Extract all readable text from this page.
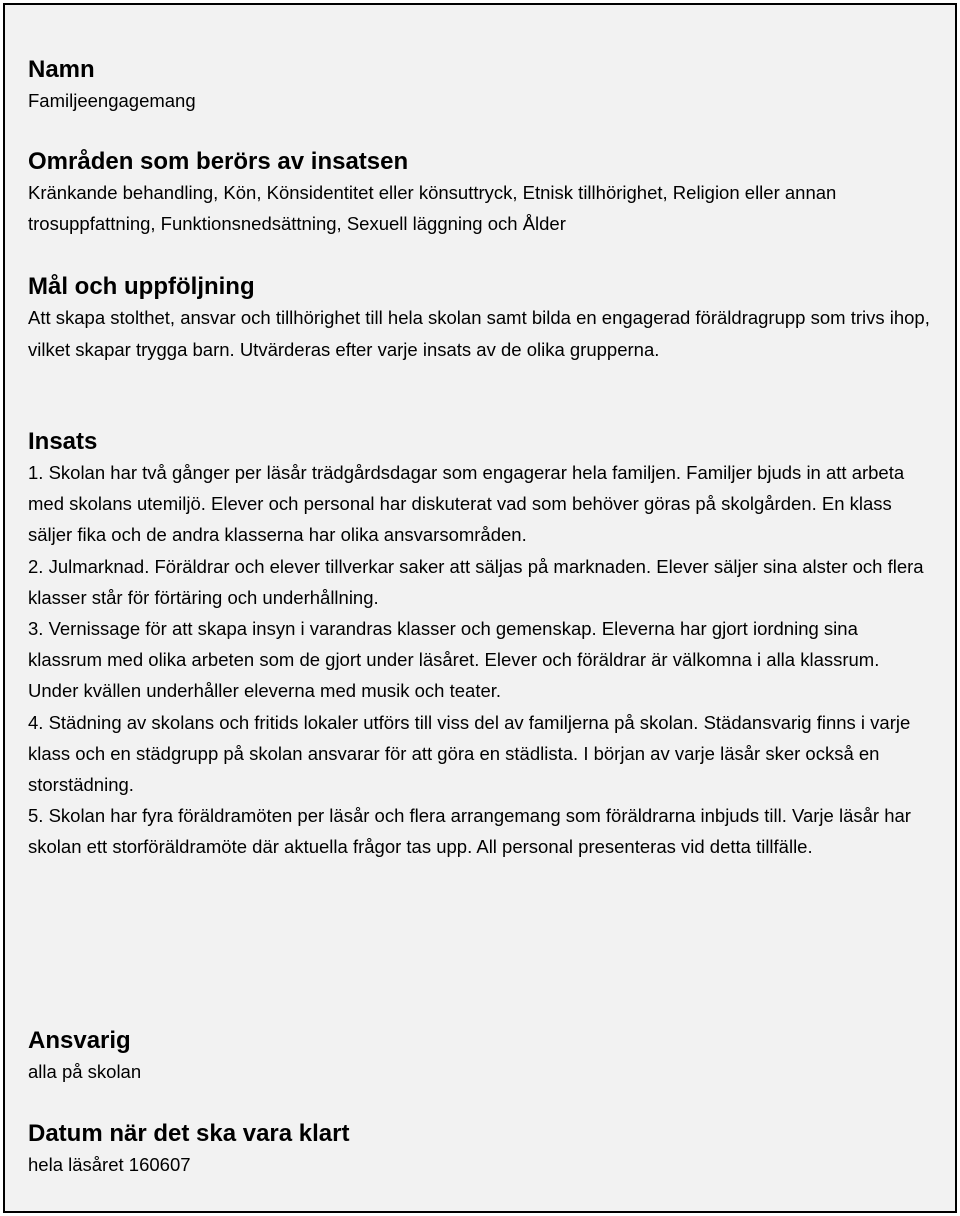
Namn

Familjeengagemang

Områden som berörs av insatsen

Kränkande behandling, Kön, Könsidentitet eller könsuttryck, Etnisk tillhörighet, Religion eller annan trosuppfattning, Funktionsnedsättning, Sexuell läggning och Ålder

Mål och uppföljning

Att skapa stolthet, ansvar och tillhörighet till hela skolan samt bilda en engagerad föräldragrupp som trivs ihop, vilket skapar trygga barn. Utvärderas efter varje insats av de olika grupperna.

Insats

1. Skolan har två gånger per läsår trädgårdsdagar som engagerar hela familjen. Familjer bjuds in att arbeta med skolans utemiljö. Elever och personal har diskuterat vad som behöver göras på skolgården. En klass säljer fika och de andra klasserna har olika ansvarsområden.

2. Julmarknad. Föräldrar och elever tillverkar saker att säljas på marknaden. Elever säljer sina alster och flera klasser står för förtäring och underhållning.

3. Vernissage för att skapa insyn i varandras klasser och gemenskap. Eleverna har gjort iordning sina klassrum med olika arbeten som de gjort under läsåret. Elever och föräldrar är välkomna i alla klassrum. Under kvällen underhåller eleverna med musik och teater.

4. Städning av skolans och fritids lokaler utförs till viss del av familjerna på skolan. Städansvarig finns i varje klass och en städgrupp på skolan ansvarar för att göra en städlista. I början av varje läsår sker också en storstädning.

5. Skolan har fyra föräldramöten per läsår och flera arrangemang som föräldrarna inbjuds till. Varje läsår har skolan ett storföräldramöte där aktuella frågor tas upp. All personal presenteras vid detta tillfälle.

Ansvarig

alla på skolan

Datum när det ska vara klart

hela läsåret 160607
